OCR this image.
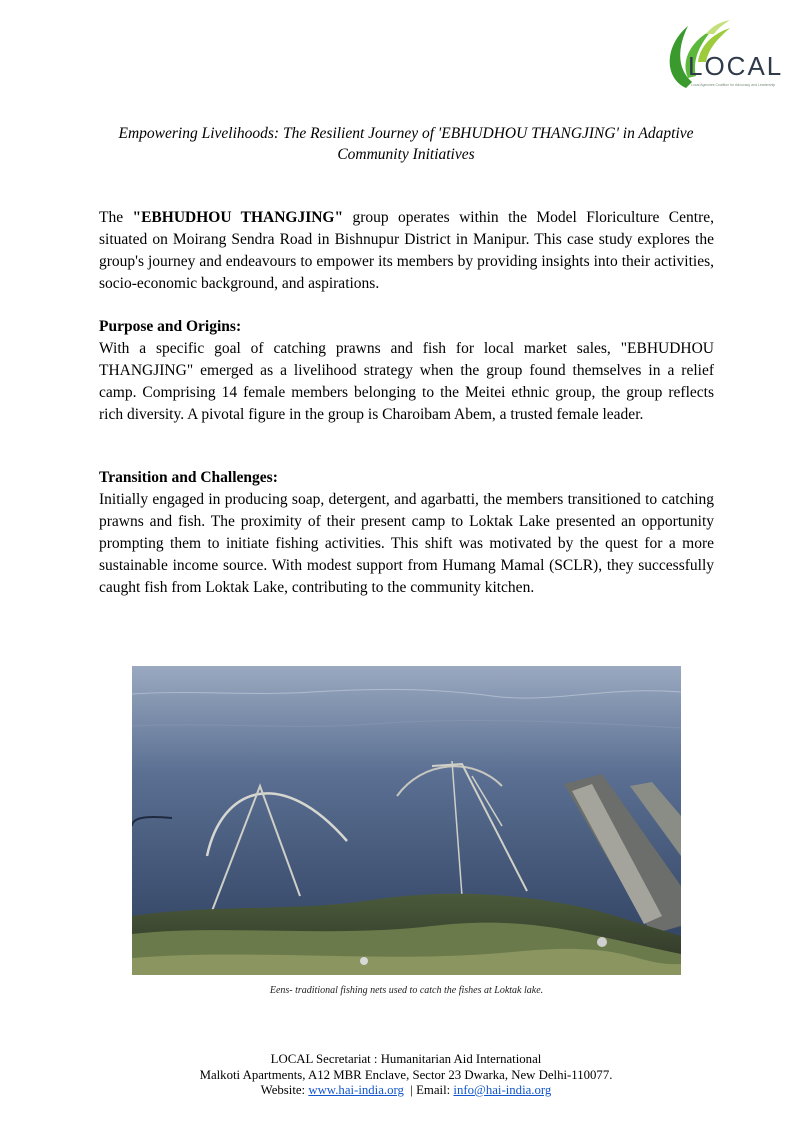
LOCAL
Local Agencies Coalition for Advocacy and Leadership
Empowering Livelihoods: The Resilient Journey of 'EBHUDHOU THANGJING' in Adaptive
Community Initiatives

The "EBHUDHOU THANGJING" group operates within the Model Floriculture Centre, situated on Moirang Sendra Road in Bishnupur District in Manipur. This case study explores the group's journey and endeavours to empower its members by providing insights into their activities, socio-economic background, and aspirations.

Purpose and Origins:

With a specific goal of catching prawns and fish for local market sales, "EBHUDHOU THANGJING" emerged as a livelihood strategy when the group found themselves in a relief camp. Comprising 14 female members belonging to the Meitei ethnic group, the group reflects rich diversity. A pivotal figure in the group is Charoibam Abem, a trusted female leader.

Transition and Challenges:

Initially engaged in producing soap, detergent, and agarbatti, the members transitioned to catching prawns and fish. The proximity of their present camp to Loktak Lake presented an opportunity prompting them to initiate fishing activities. This shift was motivated by the quest for a more sustainable income source. With modest support from Humang Mamal (SCLR), they successfully caught fish from Loktak Lake, contributing to the community kitchen.

Eens- traditional fishing nets used to catch the fishes at Loktak lake.
LOCAL Secretariat : Humanitarian Aid International
Malkoti Apartments, A12 MBR Enclave, Sector 23 Dwarka, New Delhi-110077.
Website: www.hai-india.org  | Email: info@hai-india.org
